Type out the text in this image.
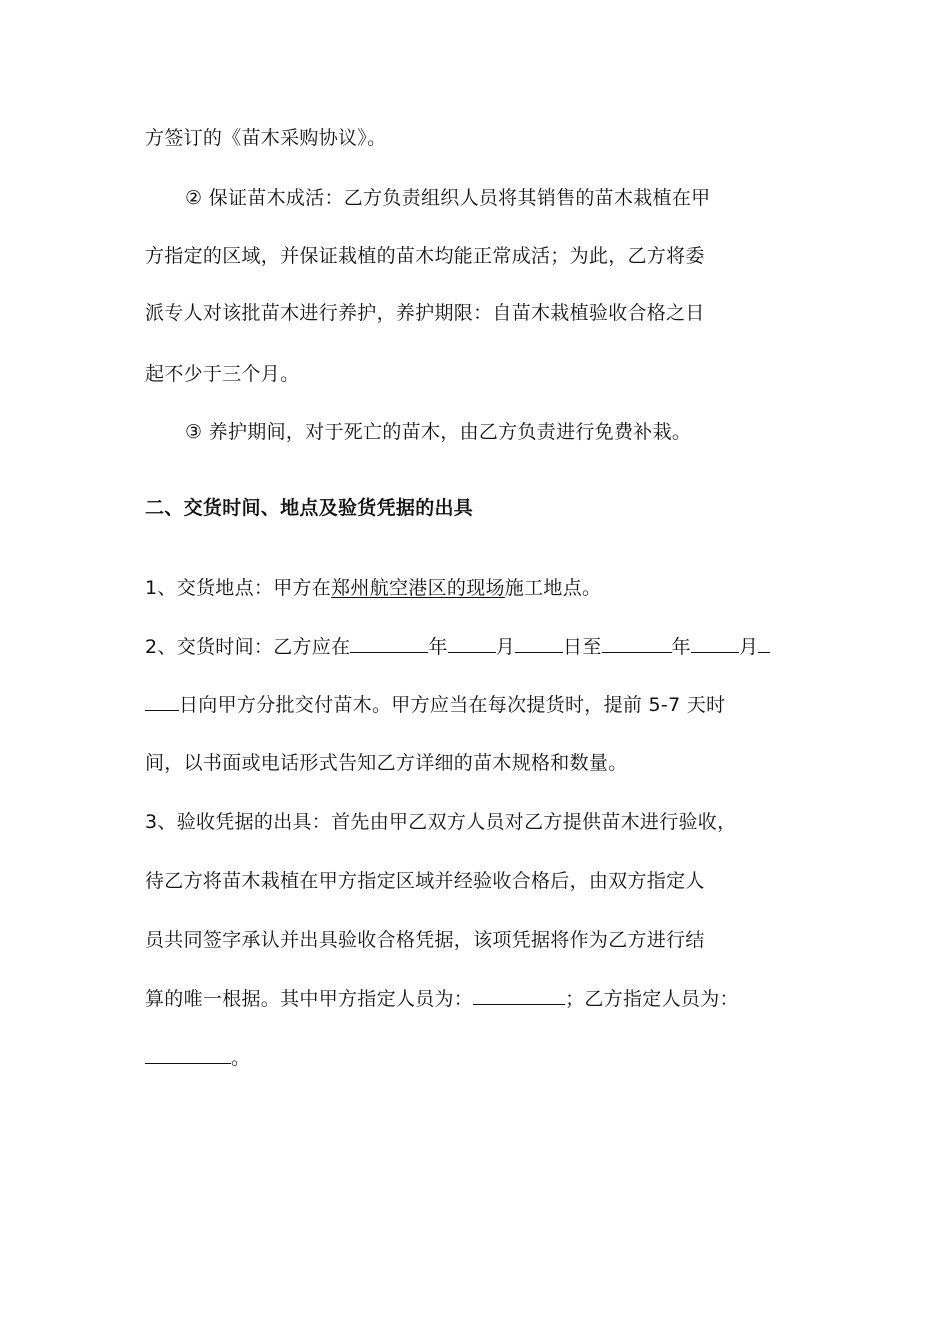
方签订的《苗木采购协议》。
② 保证苗木成活：乙方负责组织人员将其销售的苗木栽植在甲
方指定的区域，并保证栽植的苗木均能正常成活；为此，乙方将委
派专人对该批苗木进行养护，养护期限：自苗木栽植验收合格之日
起不少于三个月。
③ 养护期间，对于死亡的苗木，由乙方负责进行免费补栽。
二、交货时间、地点及验货凭据的出具
1、交货地点：甲方在郑州航空港区的现场施工地点。
2、交货时间：乙方应在	年	月	日至	年	月
日向甲方分批交付苗木。甲方应当在每次提货时，提前 5-7 天时
间，以书面或电话形式告知乙方详细的苗木规格和数量。
3、验收凭据的出具：首先由甲乙双方人员对乙方提供苗木进行验收，
待乙方将苗木栽植在甲方指定区域并经验收合格后，由双方指定人
员共同签字承认并出具验收合格凭据，该项凭据将作为乙方进行结
算的唯一根据。其中甲方指定人员为：	；乙方指定人员为：
。
